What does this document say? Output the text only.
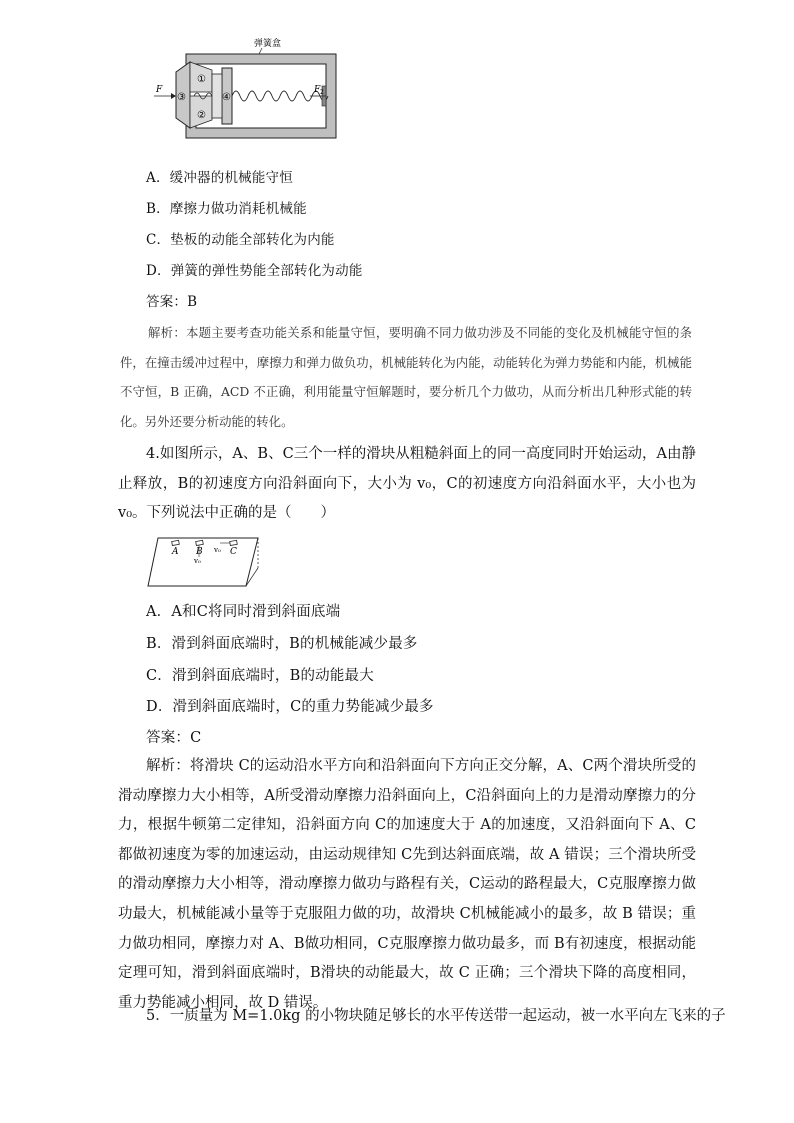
弹簧盒
①
②
③	④
F	F 2
A．缓冲器的机械能守恒
B．摩擦力做功消耗机械能
C．垫板的动能全部转化为内能
D．弹簧的弹性势能全部转化为动能
答案：B
解析：本题主要考查功能关系和能量守恒，要明确不同力做功涉及不同能的变化及机械能守恒的条件，在撞击缓冲过程中，摩擦力和弹力做负功，机械能转化为内能，动能转化为弹力势能和内能，机械能不守恒，B 正确，ACD 不正确，利用能量守恒解题时，要分析几个力做功，从而分析出几种形式能的转化。另外还要分析动能的转化。
4.如图所示，A、B、C三个一样的滑块从粗糙斜面上的同一高度同时开始运动，A由静止释放，B的初速度方向沿斜面向下，大小为 v₀，C的初速度方向沿斜面水平，大小也为 v₀。下列说法中正确的是（　　）
A B	C
v₀
v₀
A．A和C将同时滑到斜面底端
B．滑到斜面底端时，B的机械能减少最多
C．滑到斜面底端时，B的动能最大
D．滑到斜面底端时，C的重力势能减少最多
答案：C
解析：将滑块 C的运动沿水平方向和沿斜面向下方向正交分解，A、C两个滑块所受的滑动摩擦力大小相等，A所受滑动摩擦力沿斜面向上，C沿斜面向上的力是滑动摩擦力的分力，根据牛顿第二定律知，沿斜面方向 C的加速度大于 A的加速度，又沿斜面向下 A、C都做初速度为零的加速运动，由运动规律知 C先到达斜面底端，故 A 错误；三个滑块所受的滑动摩擦力大小相等，滑动摩擦力做功与路程有关，C运动的路程最大，C克服摩擦力做功最大，机械能减小量等于克服阻力做的功，故滑块 C机械能减小的最多，故 B 错误；重力做功相同，摩擦力对 A、B做功相同，C克服摩擦力做功最多，而 B有初速度，根据动能定理可知，滑到斜面底端时，B滑块的动能最大，故 C 正确；三个滑块下降的高度相同，重力势能减小相同，故 D 错误。
5．一质量为 M=1.0kg 的小物块随足够长的水平传送带一起运动，被一水平向左飞来的子
